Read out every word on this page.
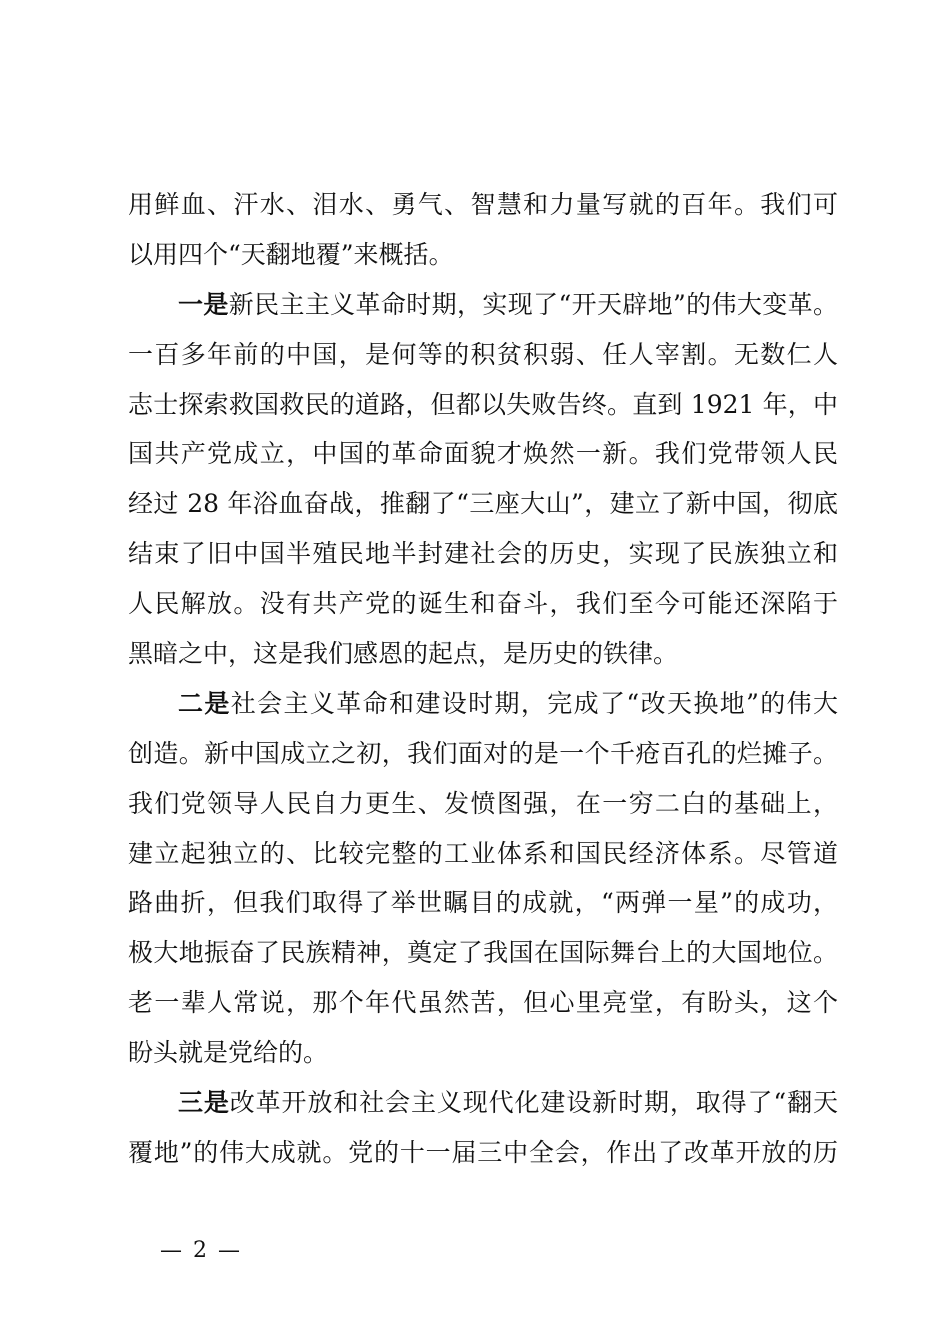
用鲜血、汗水、泪水、勇气、智慧和力量写就的百年。我们可
以用四个“天翻地覆”来概括。
一是新民主主义革命时期，实现了“开天辟地”的伟大变革。
一百多年前的中国，是何等的积贫积弱、任人宰割。无数仁人
志士探索救国救民的道路，但都以失败告终。直到 1921 年，中
国共产党成立，中国的革命面貌才焕然一新。我们党带领人民
经过 28 年浴血奋战，推翻了“三座大山”，建立了新中国，彻底
结束了旧中国半殖民地半封建社会的历史，实现了民族独立和
人民解放。没有共产党的诞生和奋斗，我们至今可能还深陷于
黑暗之中，这是我们感恩的起点，是历史的铁律。
二是社会主义革命和建设时期，完成了“改天换地”的伟大
创造。新中国成立之初，我们面对的是一个千疮百孔的烂摊子。
我们党领导人民自力更生、发愤图强，在一穷二白的基础上，
建立起独立的、比较完整的工业体系和国民经济体系。尽管道
路曲折，但我们取得了举世瞩目的成就，“两弹一星”的成功，
极大地振奋了民族精神，奠定了我国在国际舞台上的大国地位。
老一辈人常说，那个年代虽然苦，但心里亮堂，有盼头，这个
盼头就是党给的。
三是改革开放和社会主义现代化建设新时期，取得了“翻天
覆地”的伟大成就。党的十一届三中全会，作出了改革开放的历
— 2 —
